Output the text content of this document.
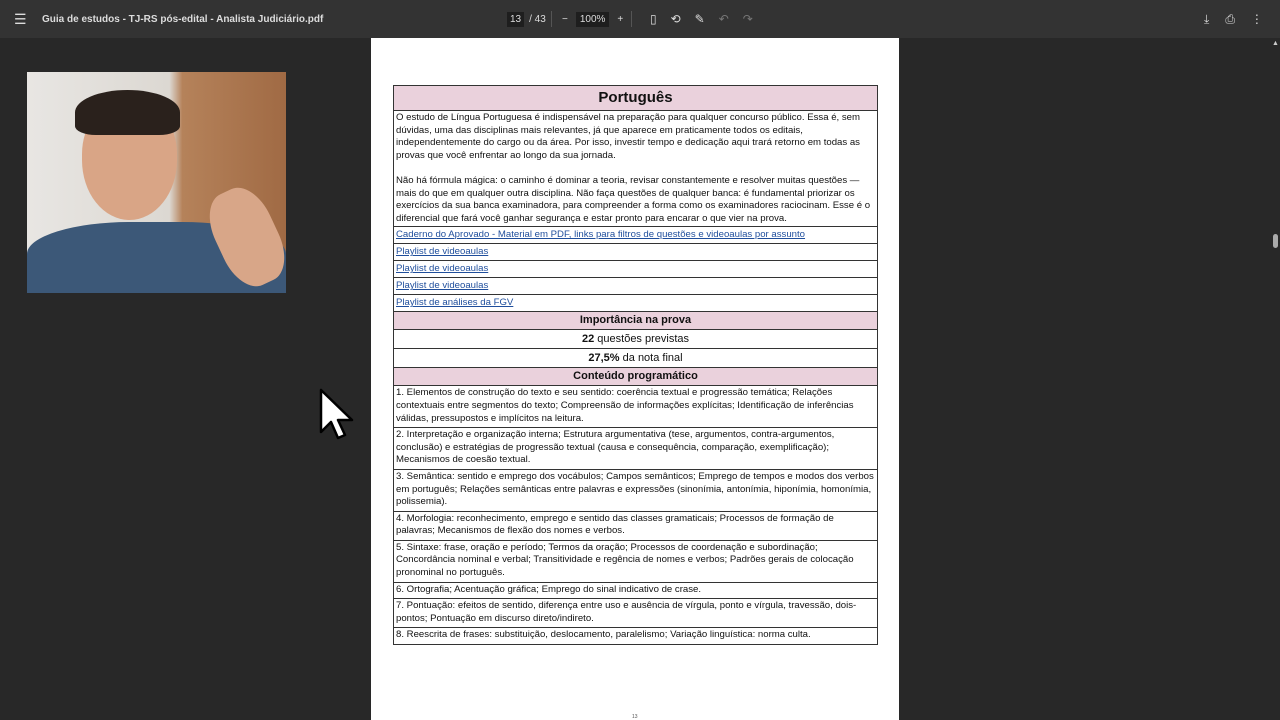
☰ Guia de estudos - TJ-RS pós-edital - Analista Judiciário.pdf	13 / 43 −	100%	+ ▯ ⟲ ✎ ↶ ↷	⤓ ⎙ ⋮
Português

O estudo de Língua Portuguesa é indispensável na preparação para qualquer concurso público. Essa é, sem dúvidas, uma das disciplinas mais relevantes, já que aparece em praticamente todos os editais, independentemente do cargo ou da área. Por isso, investir tempo e dedicação aqui trará retorno em todas as provas que você enfrentar ao longo da sua jornada.

Não há fórmula mágica: o caminho é dominar a teoria, revisar constantemente e resolver muitas questões — mais do que em qualquer outra disciplina. Não faça questões de qualquer banca: é fundamental priorizar os exercícios da sua banca examinadora, para compreender a forma como os examinadores raciocinam. Esse é o diferencial que fará você ganhar segurança e estar pronto para encarar o que vier na prova.

Caderno do Aprovado - Material em PDF, links para filtros de questões e videoaulas por assunto
Playlist de videoaulas
Playlist de videoaulas
Playlist de videoaulas
Playlist de análises da FGV
Importância na prova
22 questões previstas
27,5% da nota final
Conteúdo programático
1. Elementos de construção do texto e seu sentido: coerência textual e progressão temática; Relações contextuais entre segmentos do texto; Compreensão de informações explícitas; Identificação de inferências válidas, pressupostos e implícitos na leitura.
2. Interpretação e organização interna; Estrutura argumentativa (tese, argumentos, contra-argumentos, conclusão) e estratégias de progressão textual (causa e consequência, comparação, exemplificação); Mecanismos de coesão textual.
3. Semântica: sentido e emprego dos vocábulos; Campos semânticos; Emprego de tempos e modos dos verbos em português; Relações semânticas entre palavras e expressões (sinonímia, antonímia, hiponímia, homonímia, polissemia).
4. Morfologia: reconhecimento, emprego e sentido das classes gramaticais; Processos de formação de palavras; Mecanismos de flexão dos nomes e verbos.
5. Sintaxe: frase, oração e período; Termos da oração; Processos de coordenação e subordinação; Concordância nominal e verbal; Transitividade e regência de nomes e verbos; Padrões gerais de colocação pronominal no português.
6. Ortografia; Acentuação gráfica; Emprego do sinal indicativo de crase.
7. Pontuação: efeitos de sentido, diferença entre uso e ausência de vírgula, ponto e vírgula, travessão, dois-pontos; Pontuação em discurso direto/indireto.
8. Reescrita de frases: substituição, deslocamento, paralelismo; Variação linguística: norma culta.
13
▲
